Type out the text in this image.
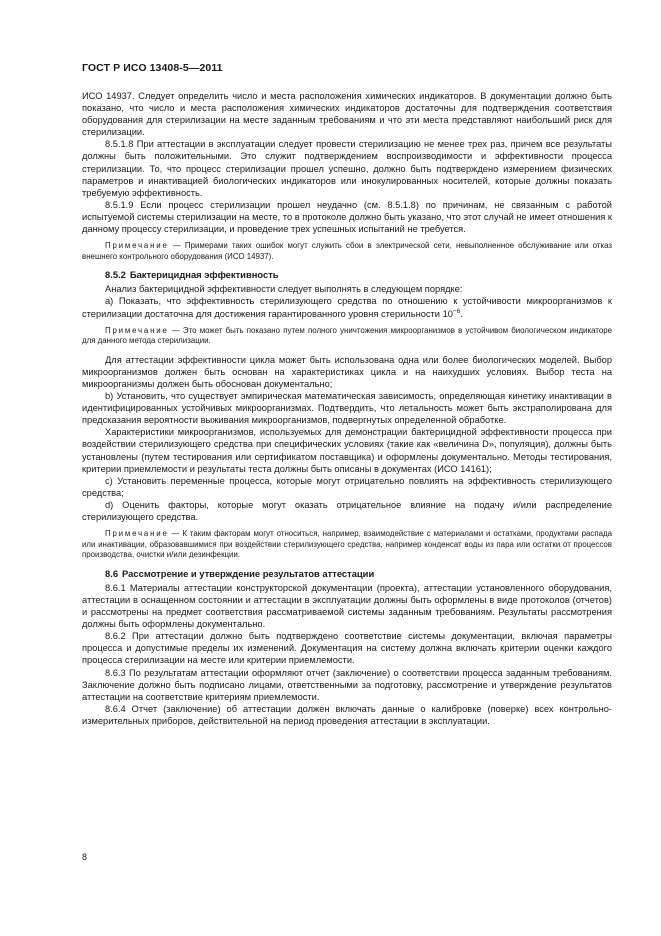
ГОСТ Р ИСО 13408-5—2011

ИСО 14937. Следует определить число и места расположения химических индикаторов. В документации должно быть показано, что число и места расположения химических индикаторов достаточны для подтверждения соответствия оборудования для стерилизации на месте заданным требованиям и что эти места представляют наибольший риск для стерилизации.

8.5.1.8 При аттестации в эксплуатации следует провести стерилизацию не менее трех раз, причем все результаты должны быть положительными. Это служит подтверждением воспроизводимости и эффективности процесса стерилизации. То, что процесс стерилизации прошел успешно, должно быть подтверждено измерением физических параметров и инактивацией биологических индикаторов или инокулированных носителей, которые должны показать требуемую эффективность.

8.5.1.9 Если процесс стерилизации прошел неудачно (см. 8.5.1.8) по причинам, не связанным с работой испытуемой системы стерилизации на месте, то в протоколе должно быть указано, что этот случай не имеет отношения к данному процессу стерилизации, и проведение трех успешных испытаний не требуется.

Примечание — Примерами таких ошибок могут служить сбои в электрической сети, невыполненное обслуживание или отказ внешнего контрольного оборудования (ИСО 14937).

8.5.2 Бактерицидная эффективность

Анализ бактерицидной эффективности следует выполнять в следующем порядке:

a) Показать, что эффективность стерилизующего средства по отношению к устойчивости микроорганизмов к стерилизации достаточна для достижения гарантированного уровня стерильности $10^{-6}$.

Примечание — Это может быть показано путем полного уничтожения микроорганизмов в устойчивом биологическом индикаторе для данного метода стерилизации.

Для аттестации эффективности цикла может быть использована одна или более биологических моделей. Выбор микроорганизмов должен быть основан на характеристиках цикла и на наихудших условиях. Выбор теста на микроорганизмы должен быть обоснован документально;

b) Установить, что существует эмпирическая математическая зависимость, определяющая кинетику инактивации в идентифицированных устойчивых микроорганизмах. Подтвердить, что летальность может быть экстраполирована для предсказания вероятности выживания микроорганизмов, подвергнутых определенной обработке.

Характеристики микроорганизмов, используемых для демонстрации бактерицидной эффективности процесса при воздействии стерилизующего средства при специфических условиях (такие как «величина D», популяция), должны быть установлены (путем тестирования или сертификатом поставщика) и оформлены документально. Методы тестирования, критерии приемлемости и результаты теста должны быть описаны в документах (ИСО 14161);

c) Установить переменные процесса, которые могут отрицательно повлиять на эффективность стерилизующего средства;

d) Оценить факторы, которые могут оказать отрицательное влияние на подачу и/или распределение стерилизующего средства.

Примечание — К таким факторам могут относиться, например, взаимодействие с материалами и остатками, продуктами распада или инактивации, образовавшимися при воздействии стерилизующего средства, например конденсат воды из пара или остатки от процессов производства, очистки и/или дезинфекции.

8.6 Рассмотрение и утверждение результатов аттестации

8.6.1 Материалы аттестации конструкторской документации (проекта), аттестации установленного оборудования, аттестации в оснащенном состоянии и аттестации в эксплуатации должны быть оформлены в виде протоколов (отчетов) и рассмотрены на предмет соответствия рассматриваемой системы заданным требованиям. Результаты рассмотрения должны быть оформлены документально.

8.6.2 При аттестации должно быть подтверждено соответствие системы документации, включая параметры процесса и допустимые пределы их изменений. Документация на систему должна включать критерии оценки каждого процесса стерилизации на месте или критерии приемлемости.

8.6.3 По результатам аттестации оформляют отчет (заключение) о соответствии процесса заданным требованиям. Заключение должно быть подписано лицами, ответственными за подготовку, рассмотрение и утверждение результатов аттестации на соответствие критериям приемлемости.

8.6.4 Отчет (заключение) об аттестации должен включать данные о калибровке (поверке) всех контрольно-измерительных приборов, действительной на период проведения аттестации в эксплуатации.

8
